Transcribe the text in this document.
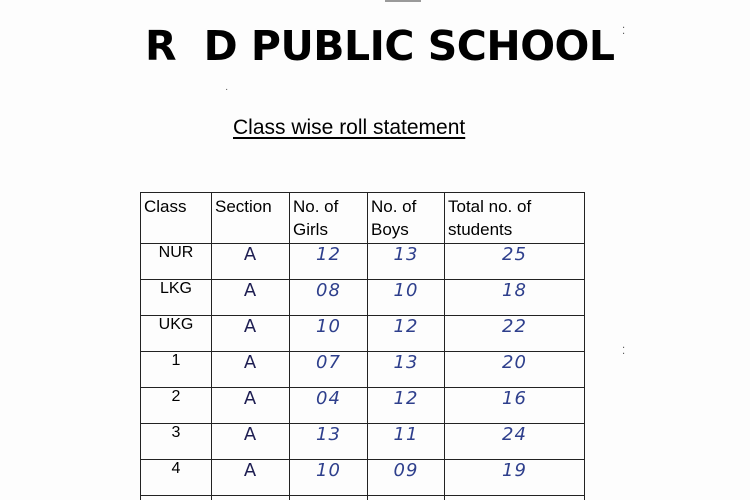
R  D PUBLIC SCHOOL
Class wise roll statement
⁚
⁚
·
Class	Section	No. of Girls	No. of Boys	Total no. of students
NUR	A	12	13	25
LKG	A	08	10	18
UKG	A	10	12	22
1	A	07	13	20
2	A	04	12	16
3	A	13	11	24
4	A	10	09	19
